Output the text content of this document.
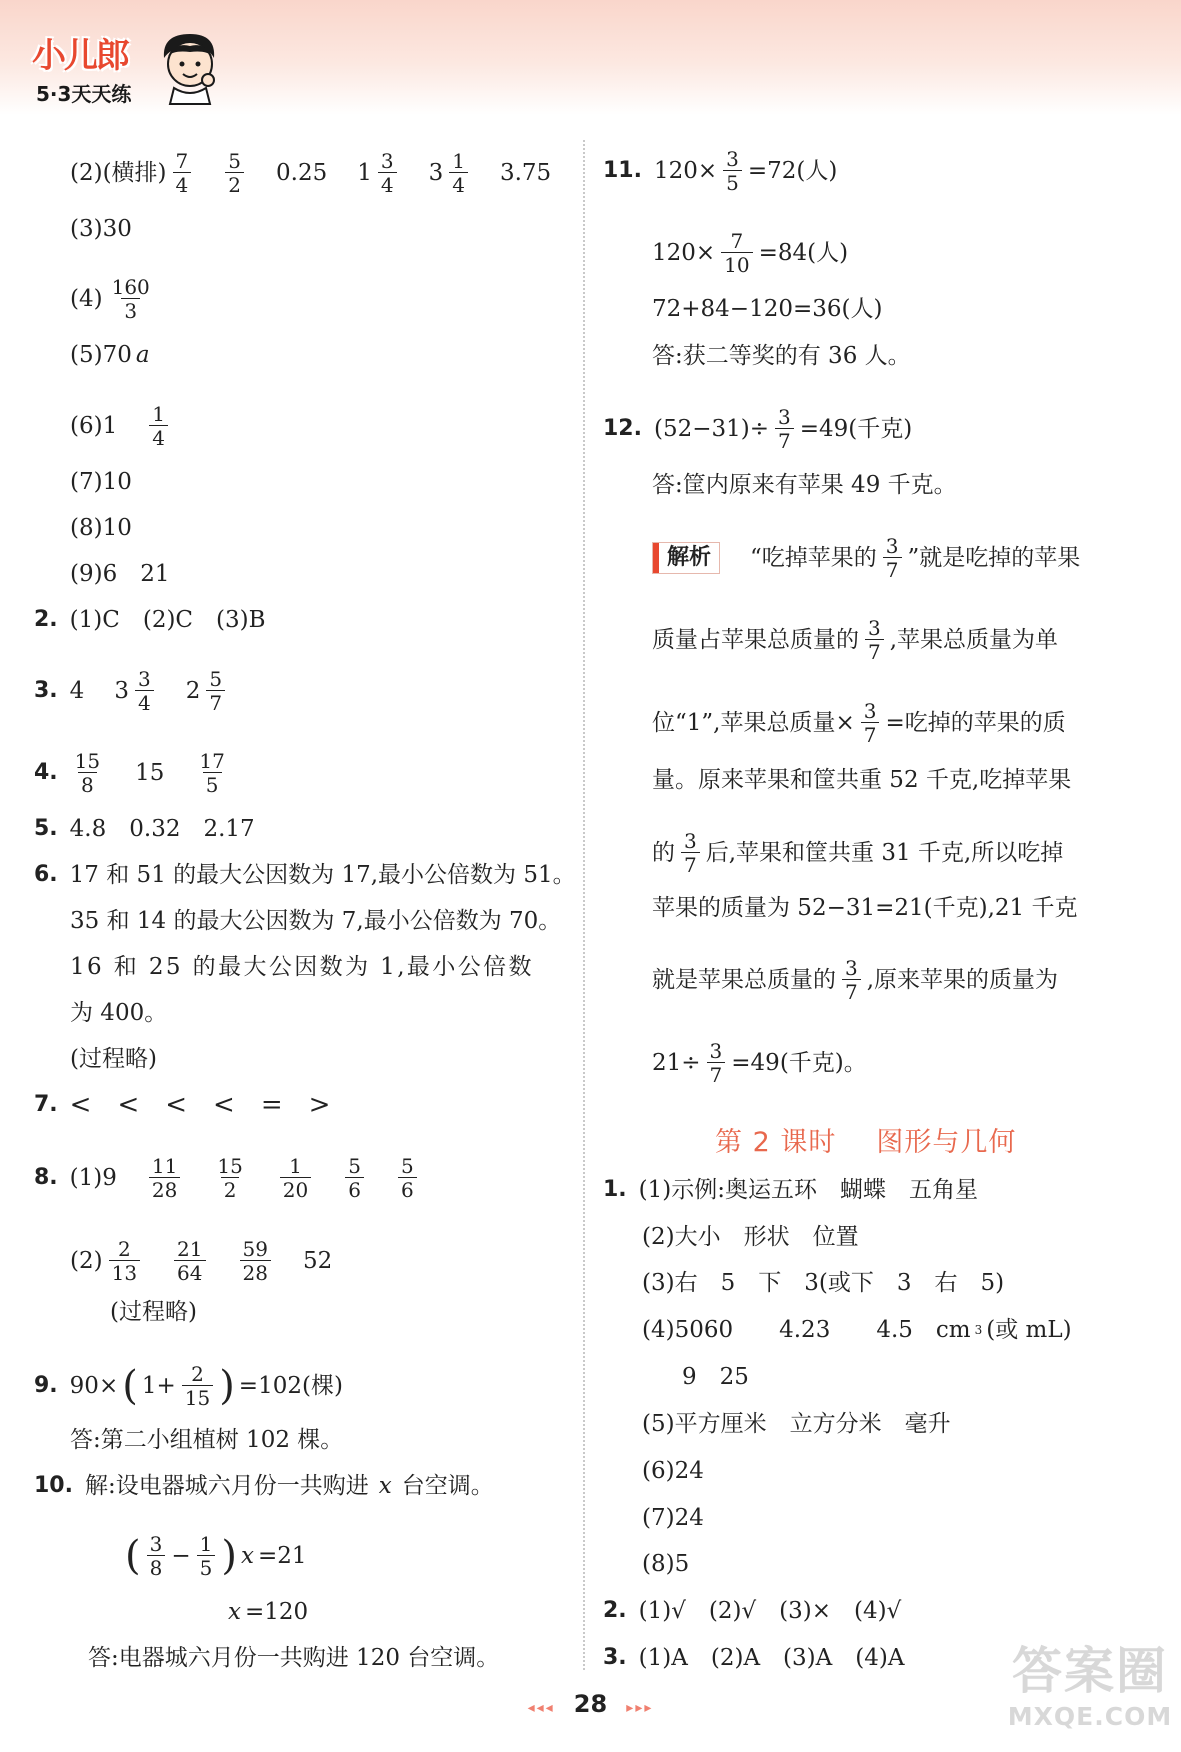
小儿郎
5·3天天练
(2)(横排) $\frac{7}{4} \frac{5}{2} 0.25$ $1 \frac{3}{4} 3 \frac{1}{4} 3.75$
(3)30
$(4) \frac{160}{3}$
(5)70 a
$(6)1 \frac{1}{4}$
(7)10
(8)10
(9)6　21
2. (1)C　(2)C　(3)B
3. 4 $3 \frac{3}{4} 2 \frac{5}{7}$
4. $\frac{15}{8} 15 \frac{17}{5}$
5. 4.8　0.32　2.17
6. 17 和 51 的最大公因数为 17,最小公倍数为 51。
35 和 14 的最大公因数为 7,最小公倍数为 70。
16 和 25 的最大公因数为 1,最小公倍数
为 400。
(过程略)
7. <　<　<　<　=　>
8. $(1)9 \frac{11}{28} \frac{15}{2} \frac{1}{20} \frac{5}{6} \frac{5}{6}$
$(2) \frac{2}{13} \frac{21}{64} \frac{59}{28} 52$
(过程略)
9. 90× ( $1+ \frac{2}{15}$ ) =102(棵)
答:第二小组植树 102 棵。
10. 解:设电器城六月份一共购进 x 台空调。
( $\frac{3}{8} - \frac{1}{5}$ ) x =21
x =120
答:电器城六月份一共购进 120 台空调。
11. $120\times \frac{3}{5} =72$(人)
$120\times \frac{7}{10} =84$(人)
72+84−120=36(人)
答:获二等奖的有 36 人。
12. $(52-31)\div \frac{3}{7} =49$(千克)
答:筐内原来有苹果 49 千克。
解析	“吃掉苹果的 $\frac{3}{7}$ ”就是吃掉的苹果
质量占苹果总质量的 $\frac{3}{7}$ ,苹果总质量为单
位“1”,苹果总质量× $\frac{3}{7}$ =吃掉的苹果的质
量。原来苹果和筐共重 52 千克,吃掉苹果
的 $\frac{3}{7}$ 后,苹果和筐共重 31 千克,所以吃掉
苹果的质量为 52−31=21(千克),21 千克
就是苹果总质量的 $\frac{3}{7}$ ,原来苹果的质量为
$21\div \frac{3}{7} =49$(千克)。
第 2 课时 图形与几何
1. (1)示例:奥运五环　蝴蝶　五角星
(2)大小　形状　位置
(3)右　5　下　3(或下　3　右　5)
(4)5060　　4.23　　4.5　cm 3 (或 mL)
9　25
(5)平方厘米　立方分米　毫升
(6)24
(7)24
(8)5
2. (1)√　(2)√　(3)×　(4)√
3. (1)A　(2)A　(3)A　(4)A
◂◂◂ 28 ▸▸▸
答案圈
MXQE.COM
